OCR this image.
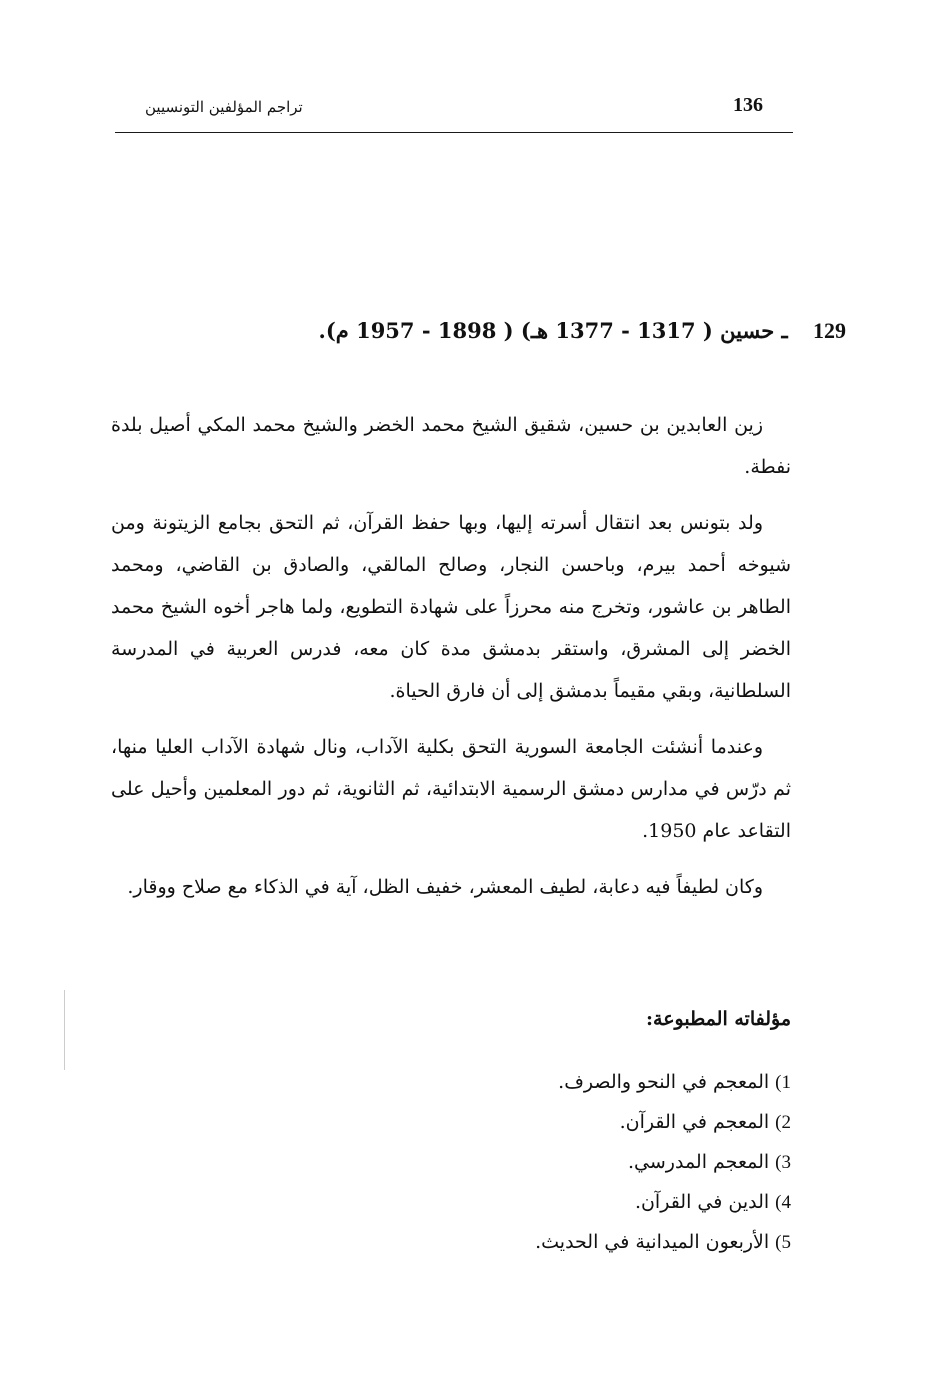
136
تراجم المؤلفين التونسيين
129 ـ حسين ( 1317 - 1377 هـ) ( 1898 - 1957 م).

زين العابدين بن حسين، شقيق الشيخ محمد الخضر والشيخ محمد المكي أصيل بلدة نفطة.

ولد بتونس بعد انتقال أسرته إليها، وبها حفظ القرآن، ثم التحق بجامع الزيتونة ومن شيوخه أحمد بيرم، وباحسن النجار، وصالح المالقي، والصادق بن القاضي، ومحمد الطاهر بن عاشور، وتخرج منه محرزاً على شهادة التطويع، ولما هاجر أخوه الشيخ محمد الخضر إلى المشرق، واستقر بدمشق مدة كان معه، فدرس العربية في المدرسة السلطانية، وبقي مقيماً بدمشق إلى أن فارق الحياة.

وعندما أنشئت الجامعة السورية التحق بكلية الآداب، ونال شهادة الآداب العليا منها، ثم درّس في مدارس دمشق الرسمية الابتدائية، ثم الثانوية، ثم دور المعلمين وأحيل على التقاعد عام 1950.

وكان لطيفاً فيه دعابة، لطيف المعشر، خفيف الظل، آية في الذكاء مع صلاح ووقار.

مؤلفاته المطبوعة:
1)المعجم في النحو والصرف.
2)المعجم في القرآن.
3)المعجم المدرسي.
4)الدين في القرآن.
5)الأربعون الميدانية في الحديث.
